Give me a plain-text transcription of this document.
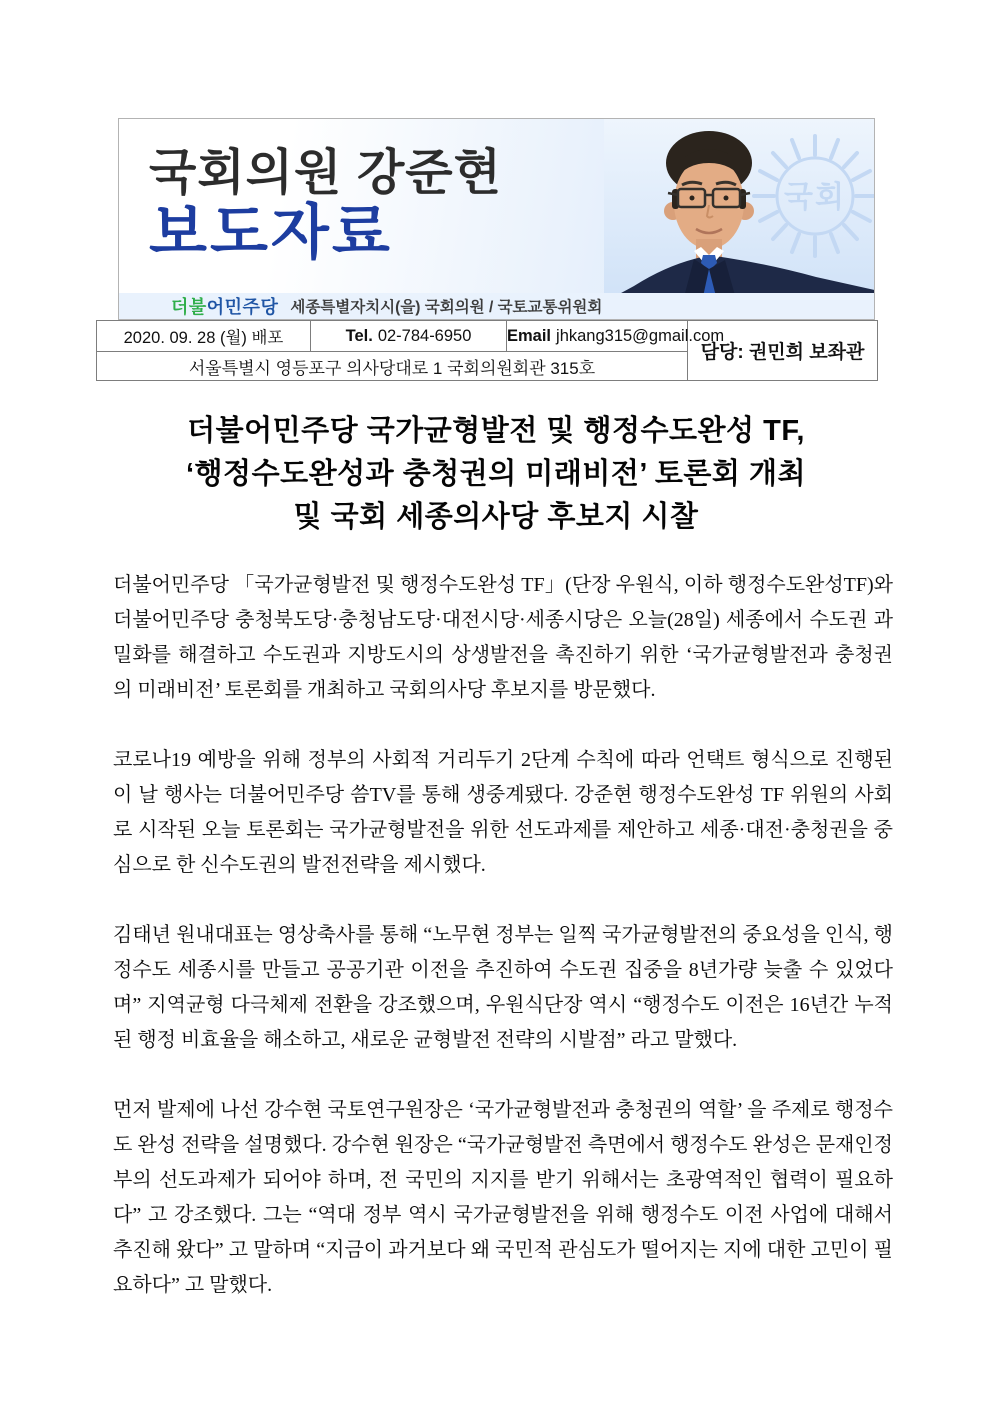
국회의원 강준현
보도자료
국회
더불어민주당 세종특별자치시(을) 국회의원 / 국토교통위원회
2020. 09. 28 (월) 배포	Tel. 02-784-6950	Email jhkang315@gmail.com	담당: 권민희 보좌관
서울특별시 영등포구 의사당대로 1 국회의원회관 315호
더불어민주당 국가균형발전 및 행정수도완성 TF,
‘행정수도완성과 충청권의 미래비전’ 토론회 개최
및 국회 세종의사당 후보지 시찰

더불어민주당 「국가균형발전 및 행정수도완성 TF」(단장 우원식, 이하 행정수도완성TF)와 더불어민주당 충청북도당·충청남도당·대전시당·세종시당은 오늘(28일) 세종에서 수도권 과밀화를 해결하고 수도권과 지방도시의 상생발전을 촉진하기 위한 ‘국가균형발전과 충청권의 미래비전’ 토론회를 개최하고 국회의사당 후보지를 방문했다.

코로나19 예방을 위해 정부의 사회적 거리두기 2단계 수칙에 따라 언택트 형식으로 진행된 이 날 행사는 더불어민주당 씀TV를 통해 생중계됐다. 강준현 행정수도완성 TF 위원의 사회로 시작된 오늘 토론회는 국가균형발전을 위한 선도과제를 제안하고 세종·대전·충청권을 중심으로 한 신수도권의 발전전략을 제시했다.

김태년 원내대표는 영상축사를 통해 “노무현 정부는 일찍 국가균형발전의 중요성을 인식, 행정수도 세종시를 만들고 공공기관 이전을 추진하여 수도권 집중을 8년가량 늦출 수 있었다며” 지역균형 다극체제 전환을 강조했으며, 우원식단장 역시 “행정수도 이전은 16년간 누적된 행정 비효율을 해소하고, 새로운 균형발전 전략의 시발점” 라고 말했다.

먼저 발제에 나선 강수현 국토연구원장은 ‘국가균형발전과 충청권의 역할’ 을 주제로 행정수도 완성 전략을 설명했다. 강수현 원장은 “국가균형발전 측면에서 행정수도 완성은 문재인정부의 선도과제가 되어야 하며, 전 국민의 지지를 받기 위해서는 초광역적인 협력이 필요하다” 고 강조했다. 그는 “역대 정부 역시 국가균형발전을 위해 행정수도 이전 사업에 대해서 추진해 왔다” 고 말하며 “지금이 과거보다 왜 국민적 관심도가 떨어지는 지에 대한 고민이 필요하다” 고 말했다.
